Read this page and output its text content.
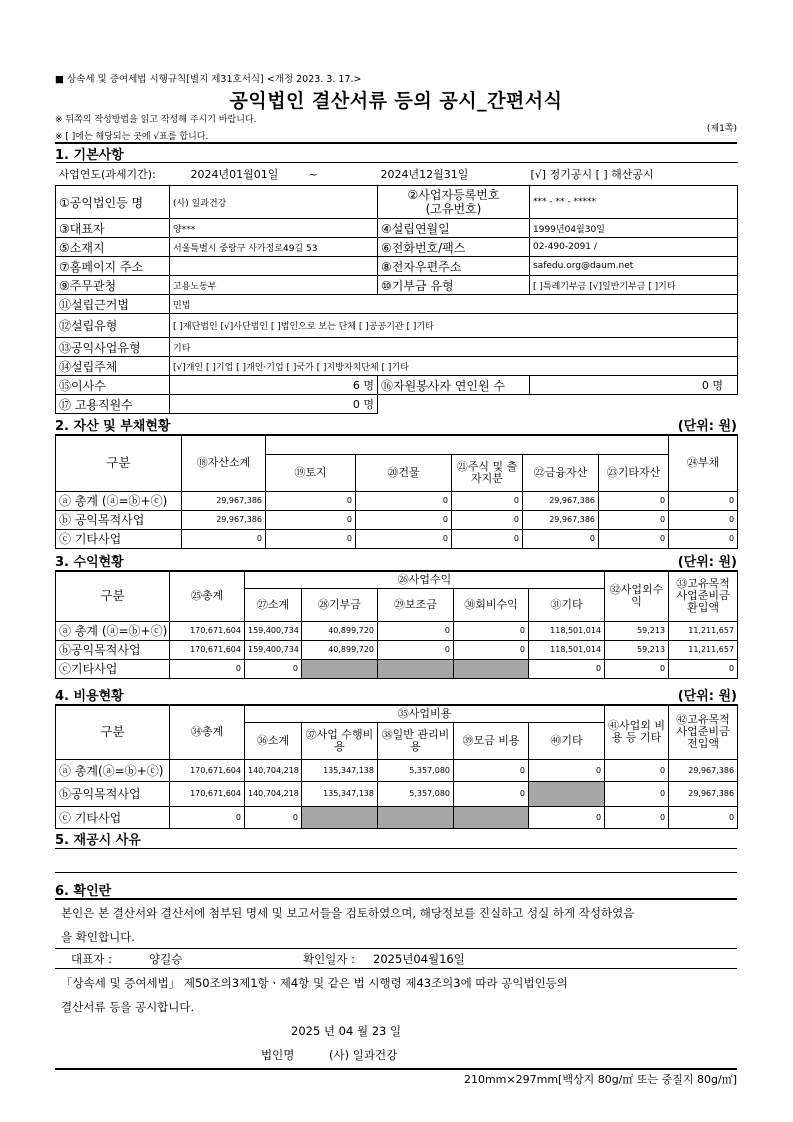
■ 상속세 및 증여세법 시행규칙[별지 제31호서식] <개정 2023. 3. 17.>
공익법인 결산서류 등의 공시_간편서식
※ 뒤쪽의 작성방법을 읽고 작성해 주시기 바랍니다.
※ [ ]에는 해당되는 곳에 √표를 합니다.
(제1쪽)
1. 기본사항
사업연도(과세기간): 2024년01월01일 ~ 2024년12월31일 [√] 정기공시 [ ] 해산공시			
①공익법인등 명	(사) 일과건강	②사업자등록번호
(고유번호)	*** - ** - *****
③대표자	양***	④설립연월일	1999년04월30일
⑤소재지	서울특별시 중랑구 사가정로49길 53	⑥전화번호/팩스	02-490-2091 /
⑦홈페이지 주소		⑧전자우편주소	safedu.org@daum.net
⑨주무관청	고용노동부	⑩기부금 유형	[ ]특례기부금 [√]일반기부금 [ ]기타
⑪설립근거법	민법		
⑫설립유형	[ ]재단법인 [√]사단법인 [ ]법인으로 보는 단체 [ ]공공기관 [ ]기타		
⑬공익사업유형	기타		
⑭설립주체	[√]개인 [ ]기업 [ ]개인·기업 [ ]국가 [ ]지방자치단체 [ ]기타		
⑮이사수	6 명	⑯자원봉사자 연인원 수	0 명
⑰ 고용직원수	0 명		
2. 자산 및 부채현황	(단위: 원)
구분	⑱자산소계						㉔부채
		⑲토지	⑳건물	㉑주식 및 출자지분	㉒금융자산	㉓기타자산	
ⓐ 총계 (ⓐ=ⓑ+ⓒ)	29,967,386	0	0	0	29,967,386	0	0
ⓑ 공익목적사업	29,967,386	0	0	0	29,967,386	0	0
ⓒ 기타사업	0	0	0	0	0	0	0
3. 수익현황	(단위: 원)
구분	㉕총계	㉖사업수익					㉜사업외수익	㉝고유목적사업준비금환입액
		㉗소계	㉘기부금	㉙보조금	㉚회비수익	㉛기타		
ⓐ 총계 (ⓐ=ⓑ+ⓒ)	170,671,604	159,400,734	40,899,720	0	0	118,501,014	59,213	11,211,657
ⓑ공익목적사업	170,671,604	159,400,734	40,899,720	0	0	118,501,014	59,213	11,211,657
ⓒ기타사업	0	0				0	0	0
4. 비용현황	(단위: 원)
구분	㉞총계	㉟사업비용					㊶사업외 비용 등 기타	㊷고유목적 사업준비금 전입액
		㊱소계	㊲사업 수행비용	㊳일반 관리비용	㊴모금 비용	㊵기타		
ⓐ 총계(ⓐ=ⓑ+ⓒ)	170,671,604	140,704,218	135,347,138	5,357,080	0	0	0	29,967,386
ⓑ공익목적사업	170,671,604	140,704,218	135,347,138	5,357,080	0		0	29,967,386
ⓒ 기타사업	0	0				0	0	0
5. 재공시 사유
6. 확인란
본인은 본 결산서와 결산서에 첨부된 명세 및 보고서들을 검토하였으며, 해당정보를 진실하고 성실 하게 작성하였음
을 확인합니다.
대표자 :	양길승	확인일자 : 2025년04월16일
「상속세 및 증여세법」 제50조의3제1항ㆍ제4항 및 같은 법 시행령 제43조의3에 따라 공익법인등의
결산서류 등을 공시합니다.
2025 년 04 월 23 일
법인명	(사) 일과건강
210mm×297mm[백상지 80g/㎡ 또는 중질지 80g/㎡]
